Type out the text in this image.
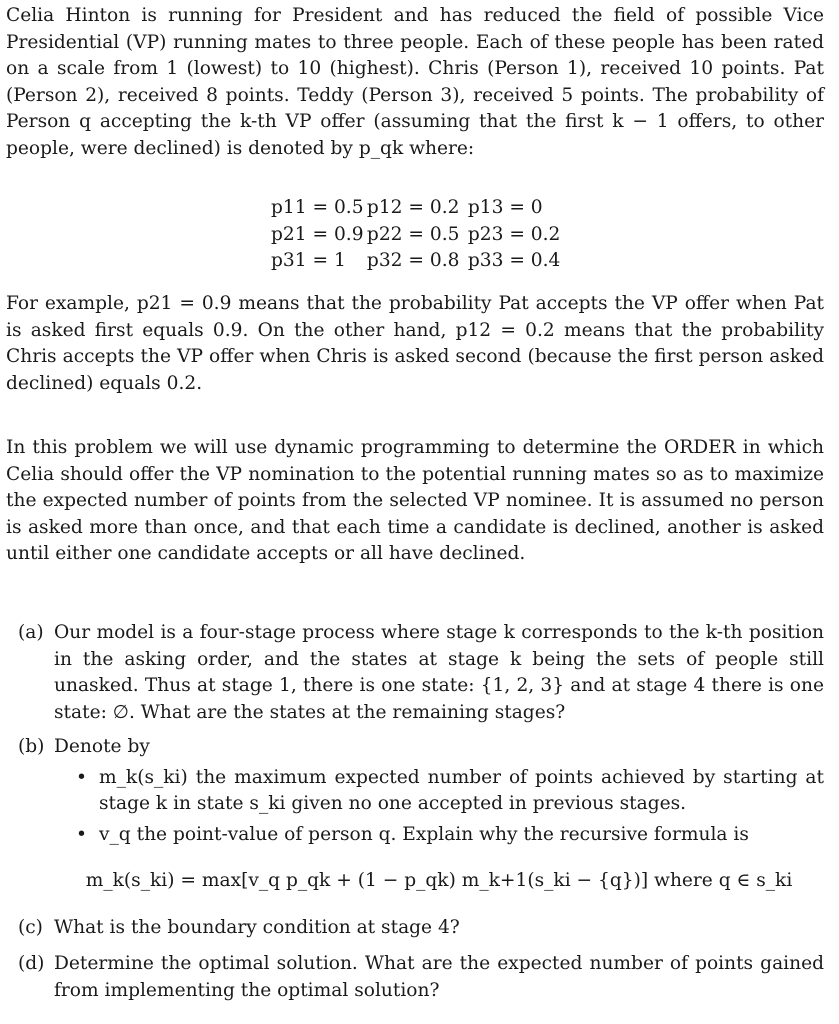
Celia Hinton is running for President and has reduced the field of possible Vice Presidential (VP) running mates to three people. Each of these people has been rated on a scale from 1 (lowest) to 10 (highest). Chris (Person 1), received 10 points. Pat (Person 2), received 8 points. Teddy (Person 3), received 5 points. The probability of Person q accepting the k-th VP offer (assuming that the first k − 1 offers, to other people, were declined) is denoted by p_qk where:

p11 = 0.5 p12 = 0.2 p13 = 0
p21 = 0.9 p22 = 0.5 p23 = 0.2
p31 = 1 p32 = 0.8 p33 = 0.4

For example, p21 = 0.9 means that the probability Pat accepts the VP offer when Pat is asked first equals 0.9. On the other hand, p12 = 0.2 means that the probability Chris accepts the VP offer when Chris is asked second (because the first person asked declined) equals 0.2.

In this problem we will use dynamic programming to determine the ORDER in which Celia should offer the VP nomination to the potential running mates so as to maximize the expected number of points from the selected VP nominee. It is assumed no person is asked more than once, and that each time a candidate is declined, another is asked until either one candidate accepts or all have declined.

(a) Our model is a four-stage process where stage k corresponds to the k-th position in the asking order, and the states at stage k being the sets of people still unasked. Thus at stage 1, there is one state: {1, 2, 3} and at stage 4 there is one state: ∅. What are the states at the remaining stages?
(b) Denote by
• m_k(s_ki) the maximum expected number of points achieved by starting at stage k in state s_ki given no one accepted in previous stages.
• v_q the point-value of person q. Explain why the recursive formula is
m_k(s_ki) = max[v_q p_qk + (1 − p_qk) m_k+1(s_ki − {q})] where q ∈ s_ki
(c) What is the boundary condition at stage 4?
(d) Determine the optimal solution. What are the expected number of points gained from implementing the optimal solution?
